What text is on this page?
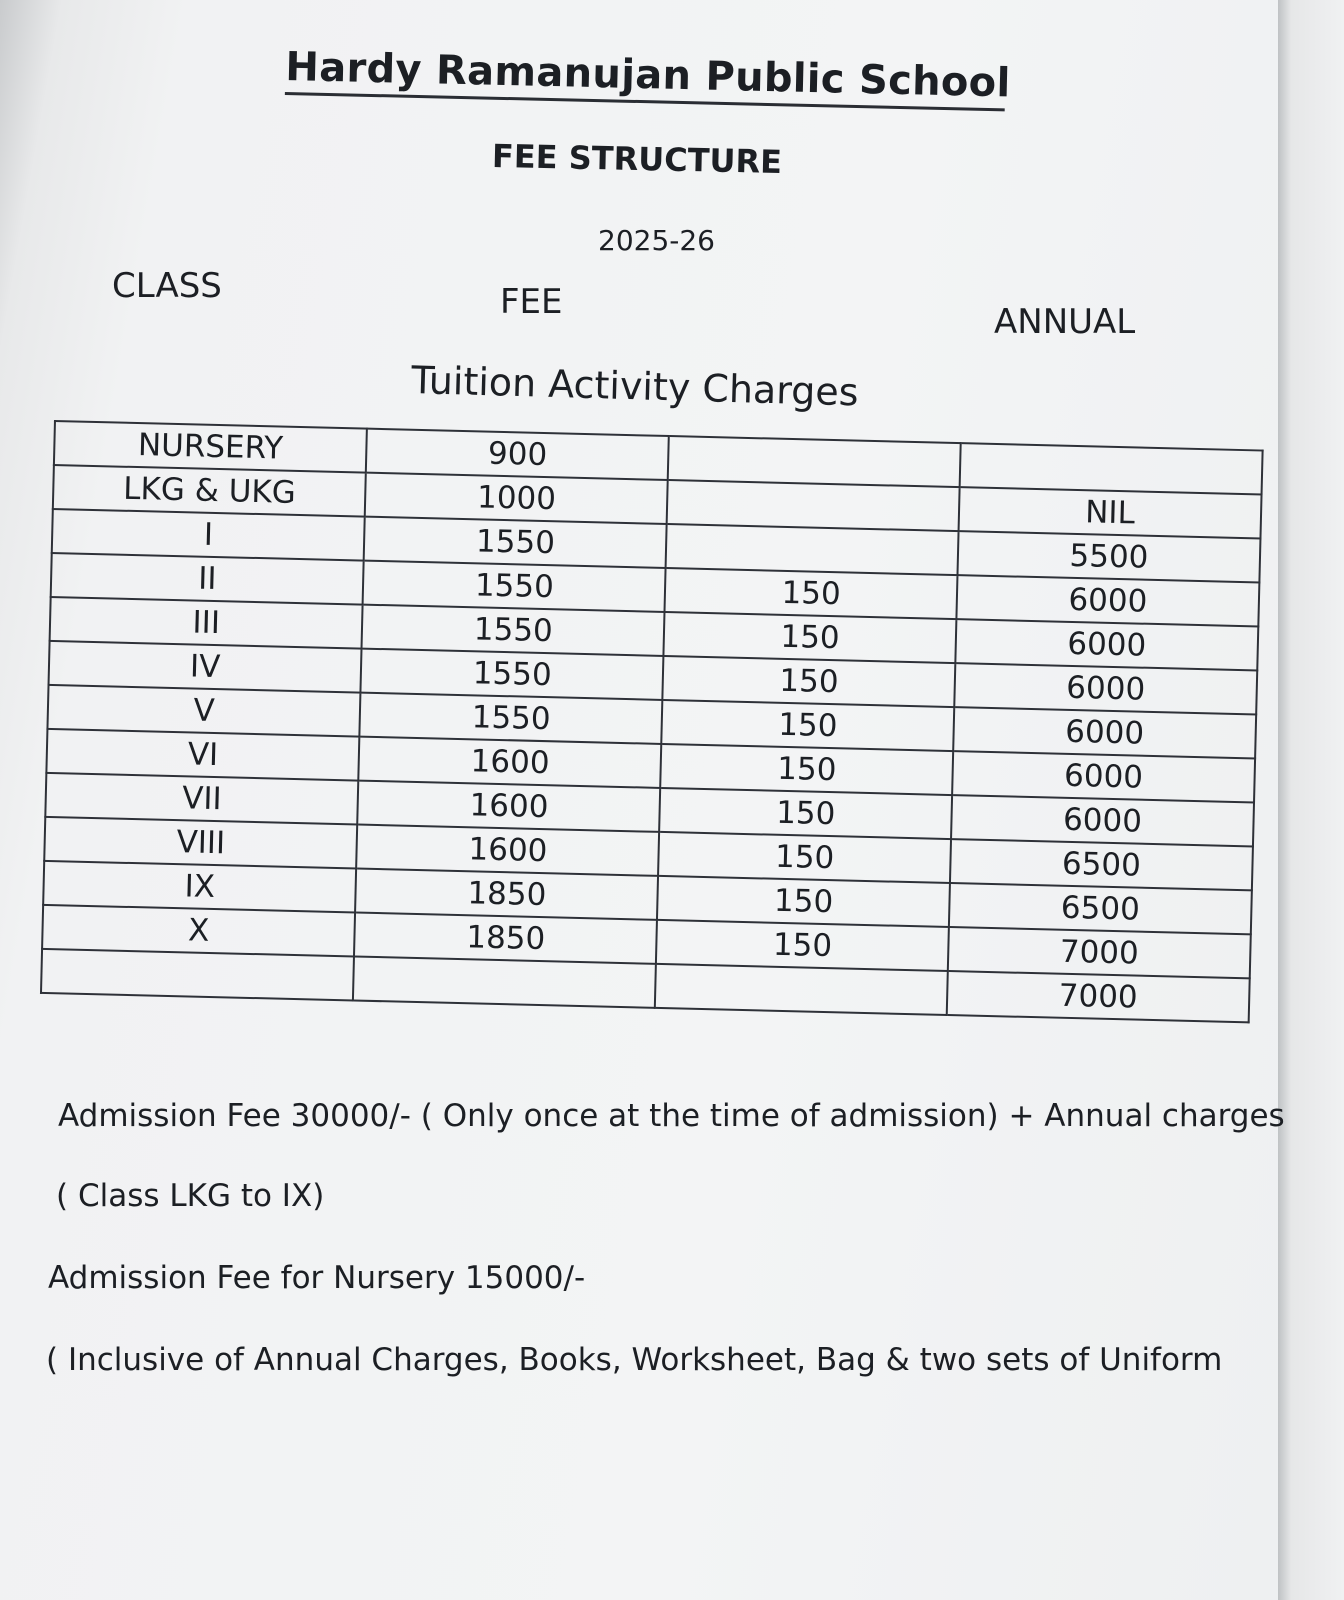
Hardy Ramanujan Public School
FEE STRUCTURE
2025-26
CLASS	FEE	ANNUAL
Tuition Activity Charges
NURSERY	900		
LKG & UKG	1000		NIL
I	1550		5500
II	1550	150	6000
III	1550	150	6000
IV	1550	150	6000
V	1550	150	6000
VI	1600	150	6000
VII	1600	150	6000
VIII	1600	150	6500
IX	1850	150	6500
X	1850	150	7000
			7000
Admission Fee 30000/- ( Only once at the time of admission) + Annual charges
( Class LKG to IX)
Admission Fee for Nursery 15000/-
( Inclusive of Annual Charges, Books, Worksheet, Bag & two sets of Uniform
